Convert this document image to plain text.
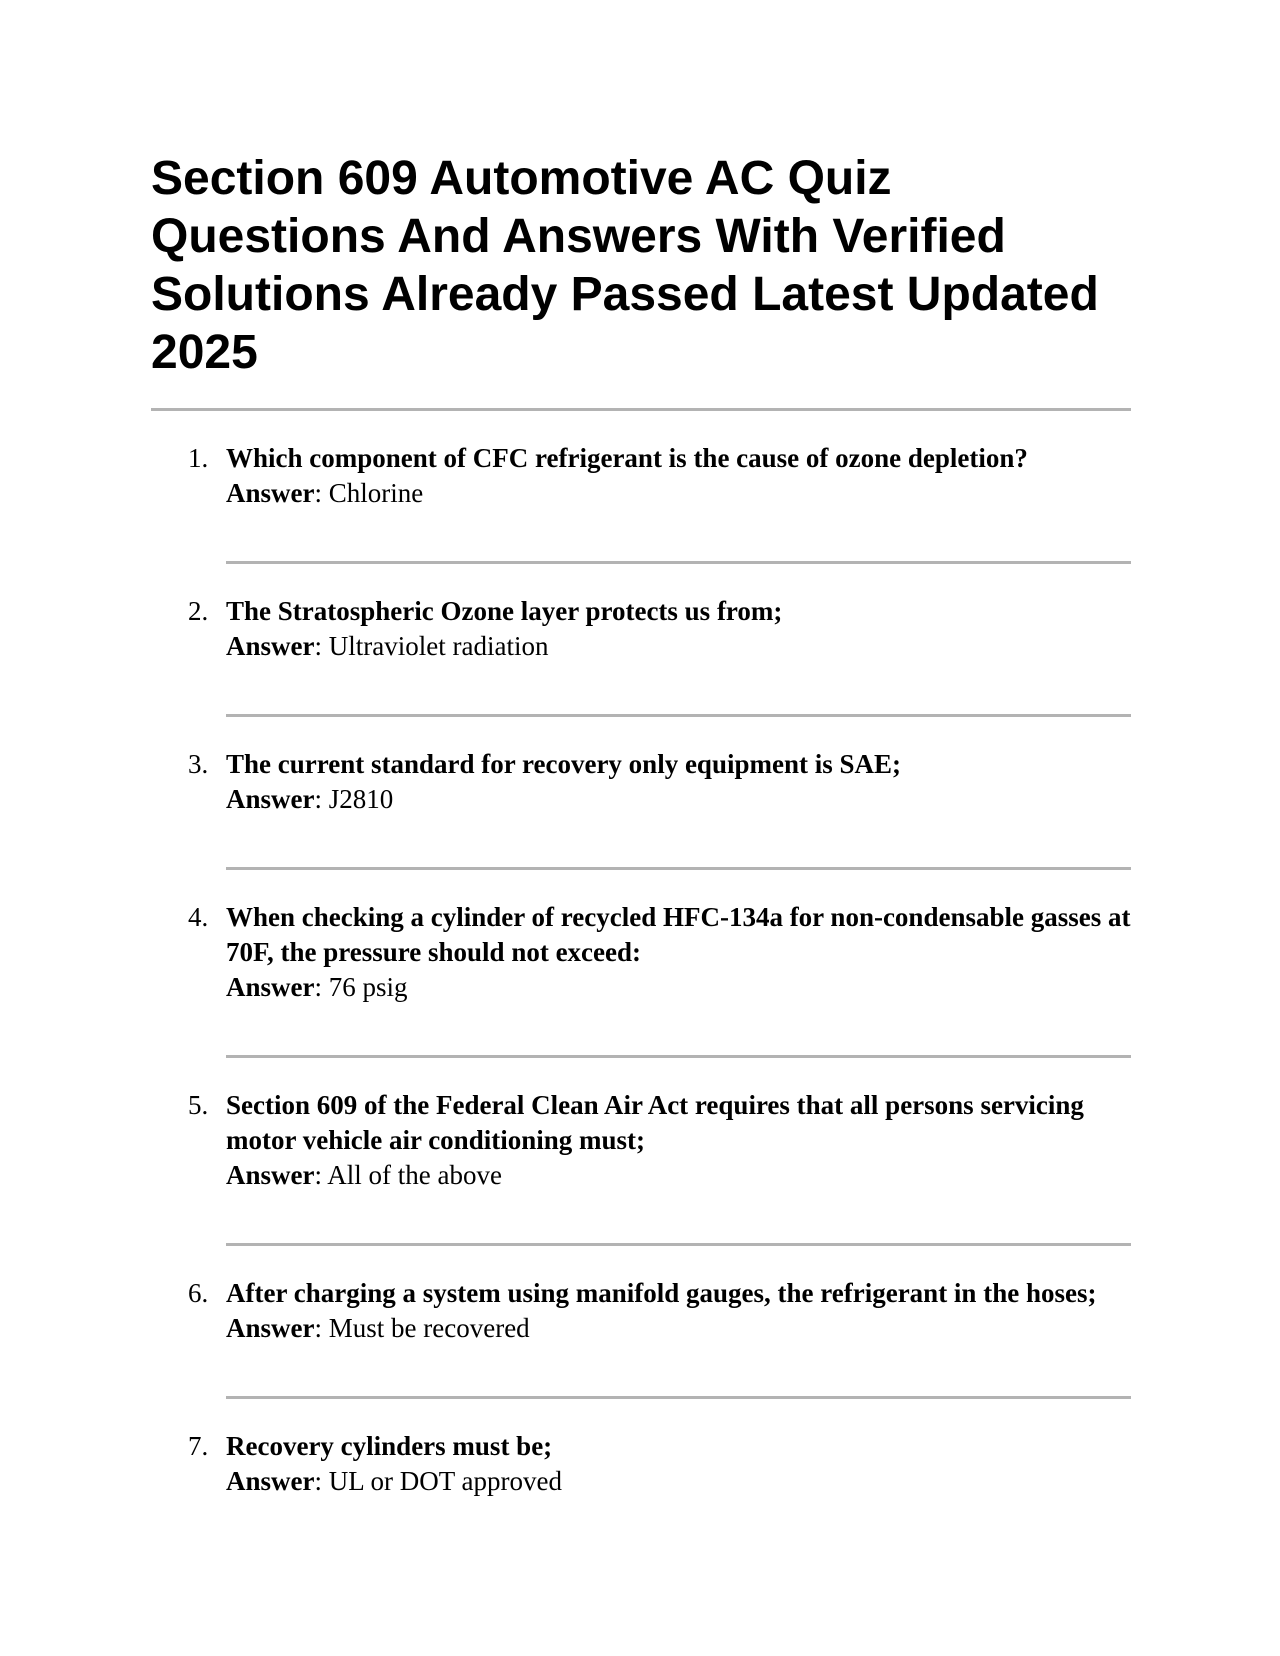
Section 609 Automotive AC Quiz Questions And Answers With Verified Solutions Already Passed Latest Updated 2025
1. Which component of CFC refrigerant is the cause of ozone depletion?
Answer: Chlorine
2. The Stratospheric Ozone layer protects us from;
Answer: Ultraviolet radiation
3. The current standard for recovery only equipment is SAE;
Answer: J2810
4. When checking a cylinder of recycled HFC-134a for non-condensable gasses at 70F, the pressure should not exceed:
Answer: 76 psig
5. Section 609 of the Federal Clean Air Act requires that all persons servicing motor vehicle air conditioning must;
Answer: All of the above
6. After charging a system using manifold gauges, the refrigerant in the hoses;
Answer: Must be recovered
7. Recovery cylinders must be;
Answer: UL or DOT approved
